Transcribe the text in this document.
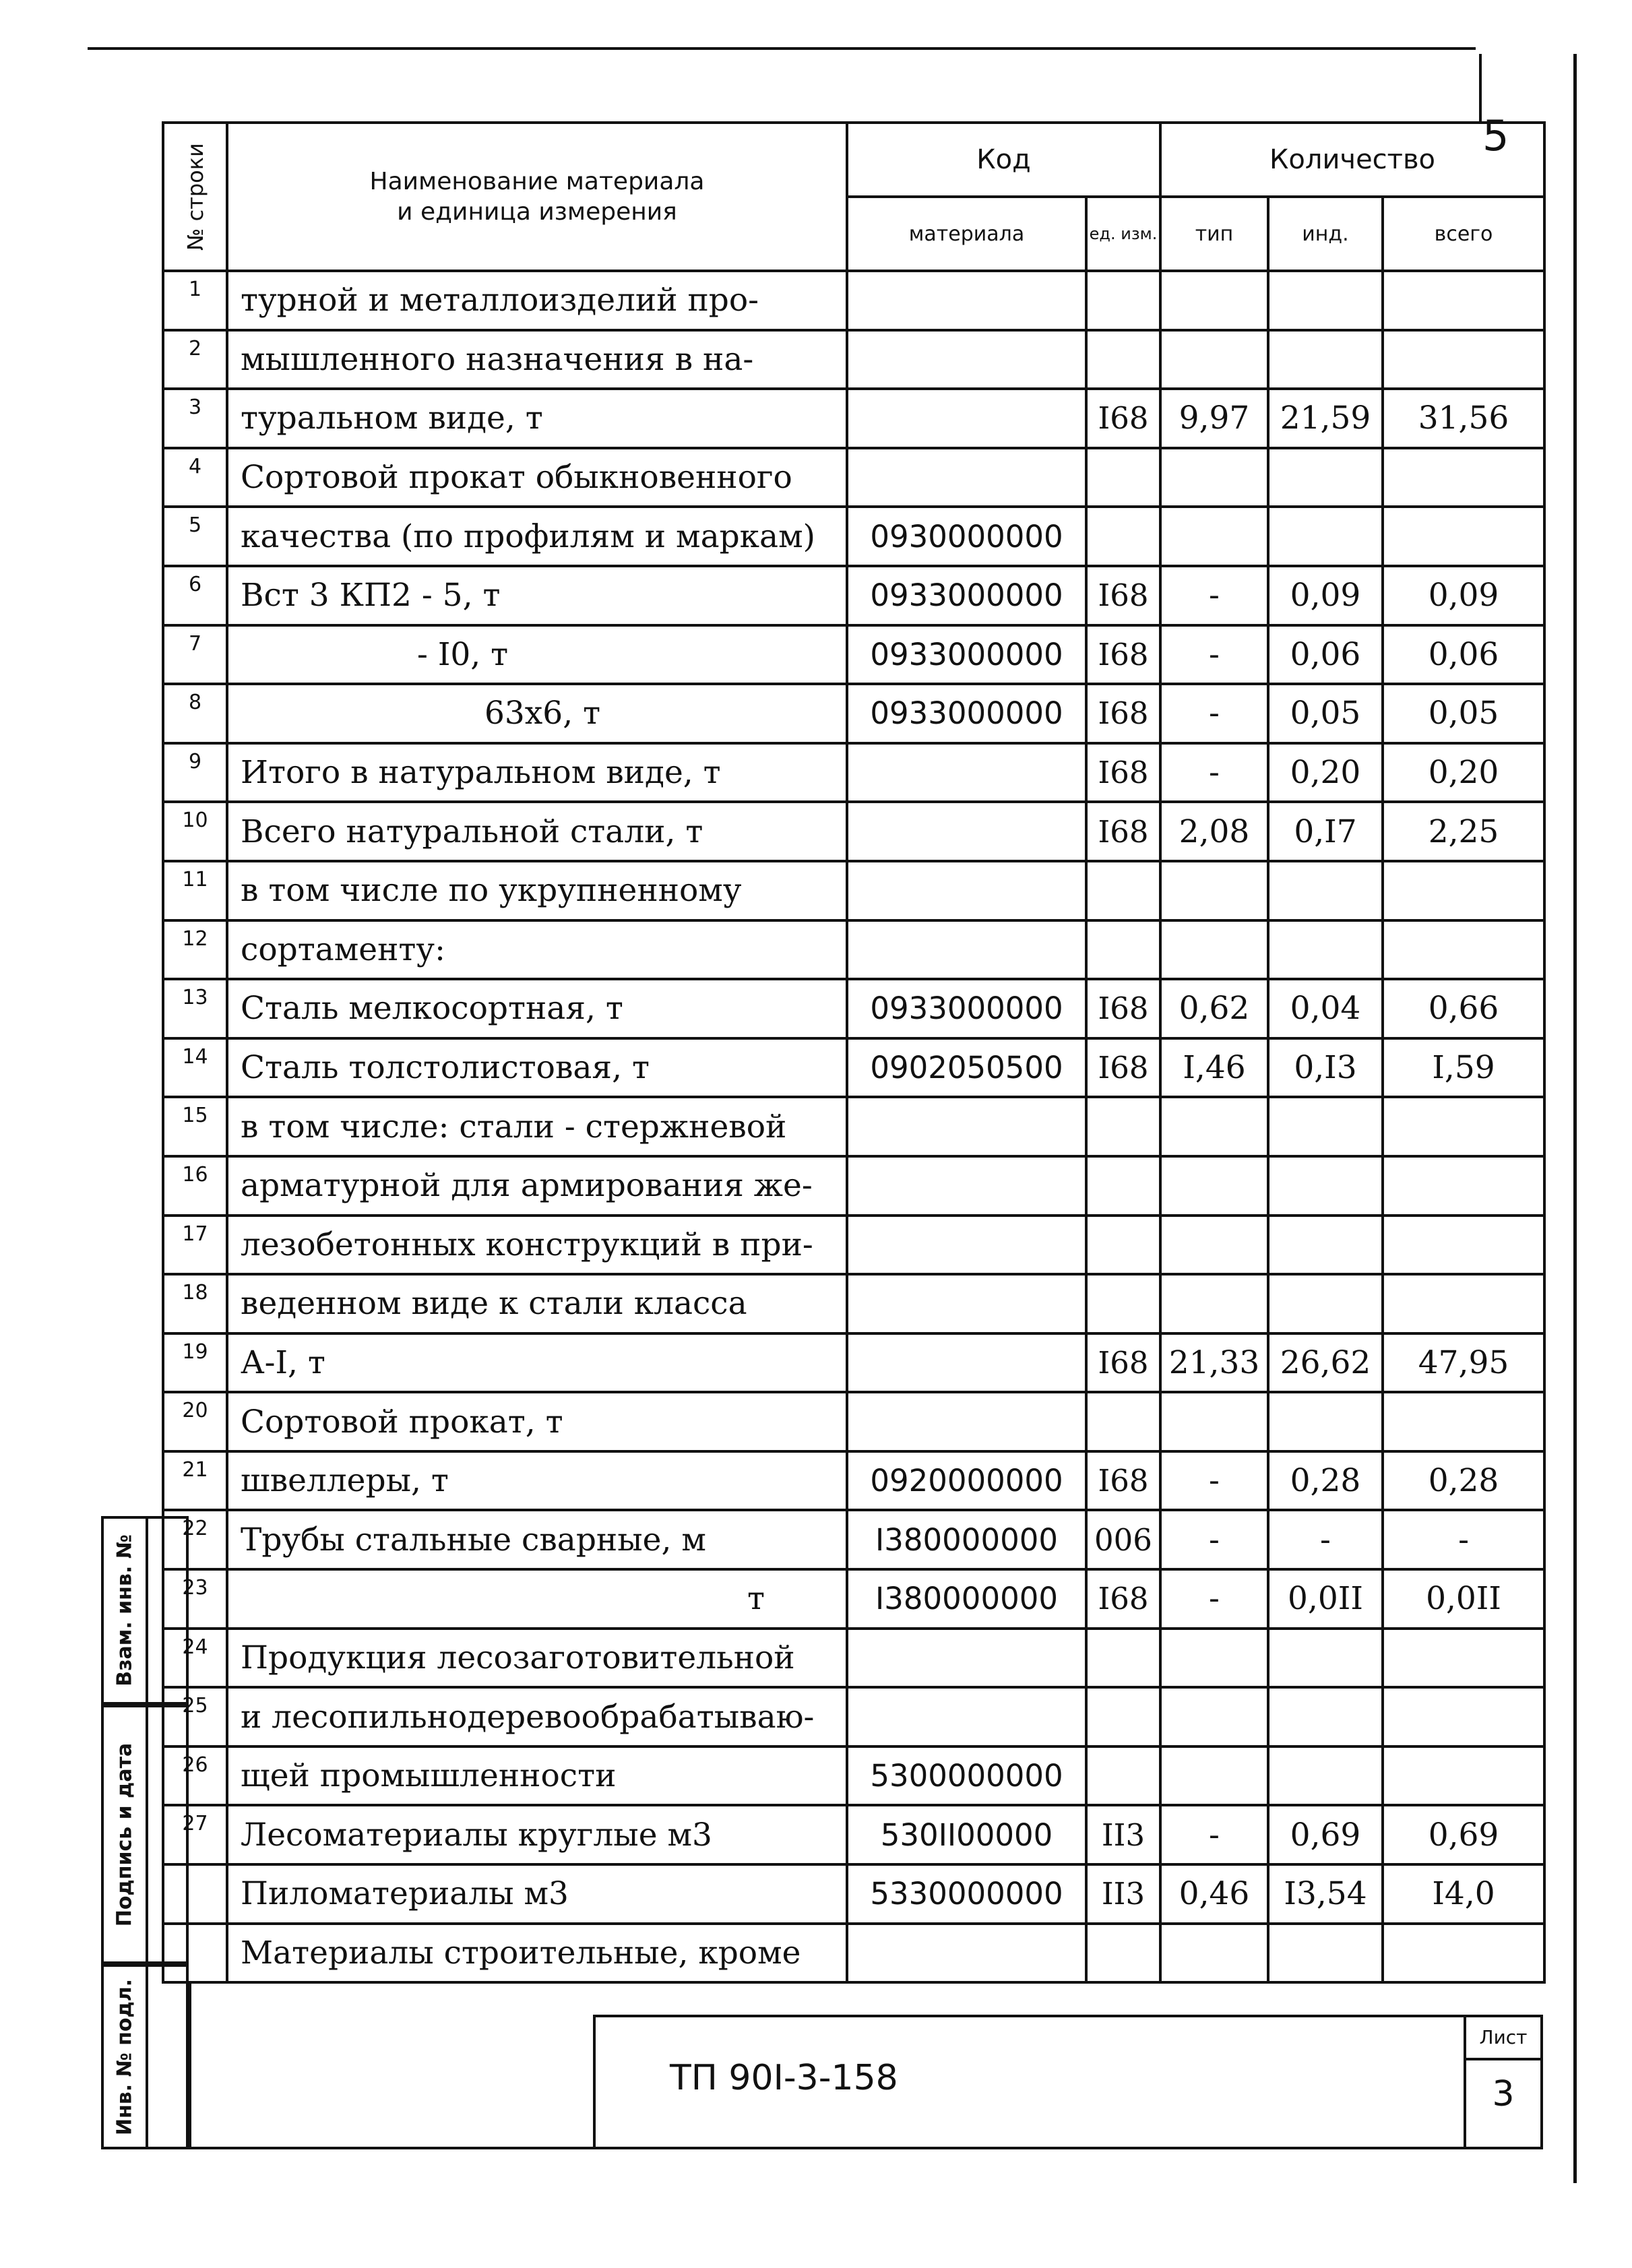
5
№ строки	Наименование материала
и единица измерения	Код		Количество		
		материала	ед. изм.	тип	инд.	всего
1	турной и металлоизделий про-					
2	мышленного назначения в на-					
3	туральном виде, т		I68	9,97	21,59	31,56
4	Сортовой прокат обыкновенного					
5	качества (по профилям и маркам)	0930000000				
6	Вст 3 КП2 - 5, т	0933000000	I68	-	0,09	0,09
7	- I0, т	0933000000	I68	-	0,06	0,06
8	63x6, т	0933000000	I68	-	0,05	0,05
9	Итого в натуральном виде, т		I68	-	0,20	0,20
10	Всего натуральной стали, т		I68	2,08	0,I7	2,25
11	в том числе по укрупненному					
12	сортаменту:					
13	Сталь мелкосортная, т	0933000000	I68	0,62	0,04	0,66
14	Сталь толстолистовая, т	0902050500	I68	I,46	0,I3	I,59
15	в том числе: стали - стержневой					
16	арматурной для армирования же-					
17	лезобетонных конструкций в при-					
18	веденном виде к стали класса					
19	А-I, т		I68	21,33	26,62	47,95
20	Сортовой прокат, т					
21	швеллеры, т	0920000000	I68	-	0,28	0,28
22	Трубы стальные сварные, м	I380000000	006	-	-	-
23	т	I380000000	I68	-	0,0II	0,0II
24	Продукция лесозаготовительной					
25	и лесопильнодеревообрабатываю-					
26	щей промышленности	5300000000				
27	Лесоматериалы круглые м3	530II00000	II3	-	0,69	0,69
	Пиломатериалы м3	5330000000	II3	0,46	I3,54	I4,0
	Материалы строительные, кроме					
Взам. инв. №
Подпись и дата
Инв. № подл.	ТП 90I-3-158
Лист
3
